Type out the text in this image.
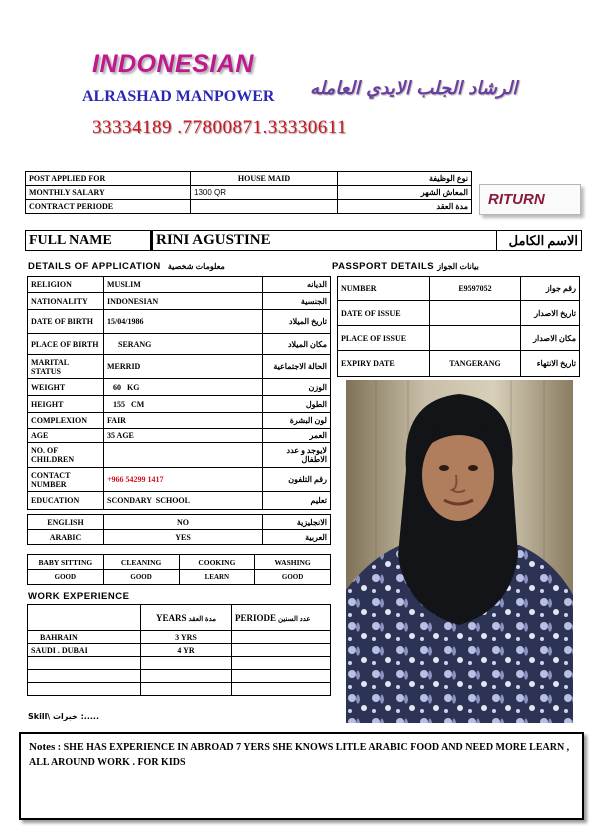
INDONESIAN
ALRASHAD MANPOWER الرشاد الجلب الايدي العامله
33334189 .77800871.33330611
POST APPLIED FOR	HOUSE MAID	نوع الوظيفة
MONTHLY SALARY	1300 QR	المعاش الشهر
CONTRACT PERIODE		مدة العقد	RITURN
FULL NAME	RINI AGUSTINE	الاسم الكامل
DETAILS OF APPLICATION معلومات شخصية
RELIGION	MUSLIM	الديانه
NATIONALITY	INDONESIAN	الجنسية
DATE OF BIRTH	15/04/1986	تاريخ الميلاد
PLACE OF BIRTH	SERANG	مكان الميلاد
MARITAL STATUS	MERRID	الحالة الاجتماعية
WEIGHT	60   KG	الوزن
HEIGHT	155   CM	الطول
COMPLEXION	FAIR	لون البشرة
AGE	35 AGE	العمر
NO. OF CHILDREN		لايوجد و عدد الاطفال
CONTACT NUMBER	+966 54299 1417	رقم التلفون
EDUCATION	SCONDARY  SCHOOL	تعليم
ENGLISH	NO	الانجليزية
ARABIC	YES	العربية
PASSPORT DETAILS بيانات الجواز
NUMBER	E9597052	رقم جواز
DATE OF ISSUE		تاريخ الاصدار
PLACE OF ISSUE		مكان الاصدار
EXPIRY DATE	TANGERANG	تاريخ الانتهاء
BABY SITTING	CLEANING	COOKING	WASHING
GOOD	GOOD	LEARN	GOOD
WORK EXPERIENCE
	YEARS مدة العقد	PERIODE عدد السنين
BAHRAIN	3 YRS	
SAUDI . DUBAI	4 YR	

Skill\ خبرات :.....
Notes : SHE HAS EXPERIENCE IN ABROAD 7 YERS SHE KNOWS LITLE ARABIC FOOD AND NEED MORE LEARN , ALL AROUND WORK . FOR KIDS
